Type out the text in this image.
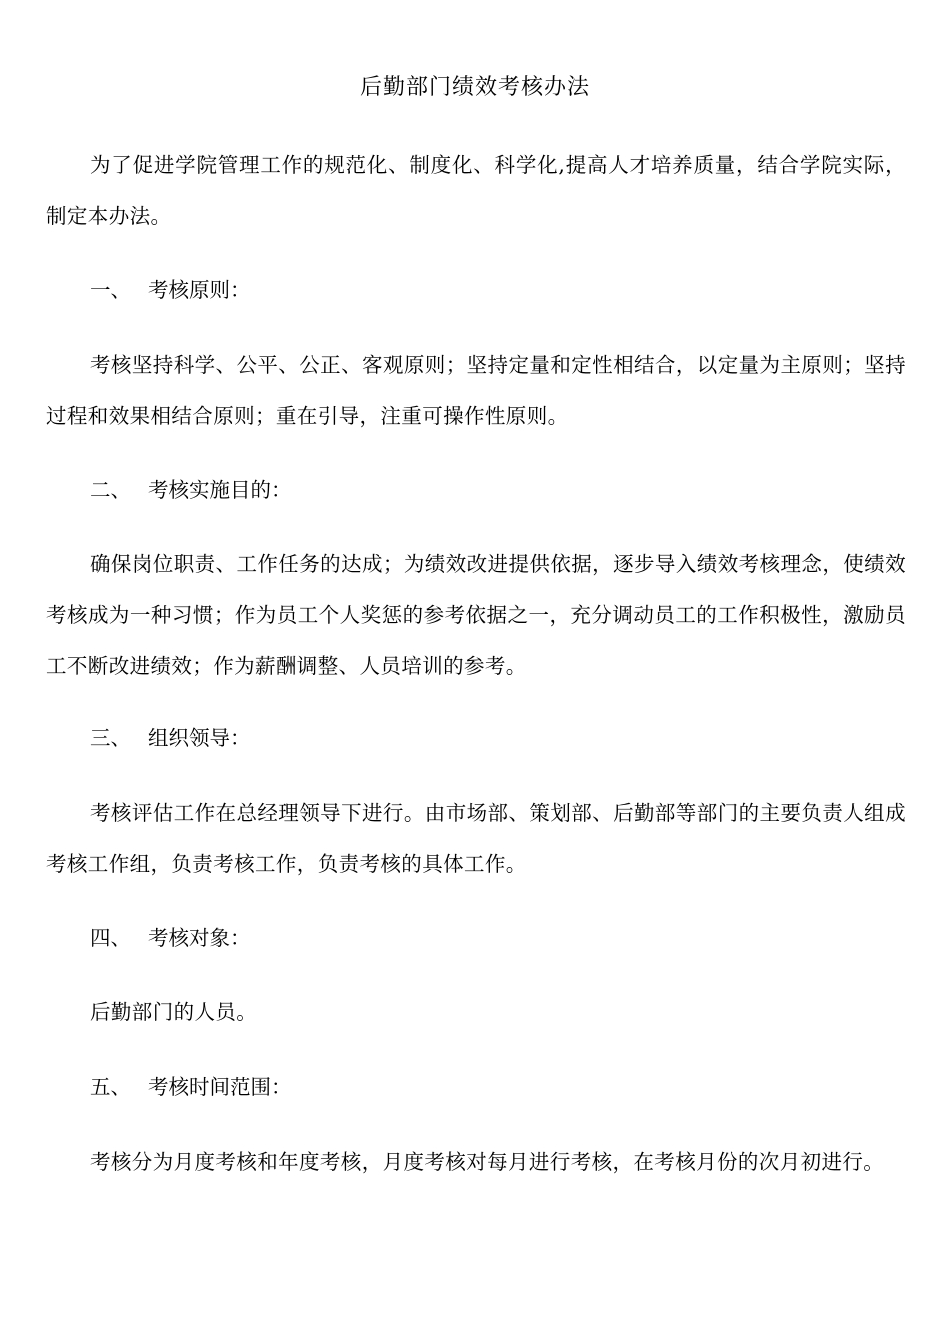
后勤部门绩效考核办法

为了促进学院管理工作的规范化、制度化、科学化,提高人才培养质量，结合学院实际，制定本办法。

一、 考核原则：

考核坚持科学、公平、公正、客观原则；坚持定量和定性相结合，以定量为主原则；坚持过程和效果相结合原则；重在引导，注重可操作性原则。

二、 考核实施目的：

确保岗位职责、工作任务的达成；为绩效改进提供依据，逐步导入绩效考核理念，使绩效考核成为一种习惯；作为员工个人奖惩的参考依据之一，充分调动员工的工作积极性，激励员工不断改进绩效；作为薪酬调整、人员培训的参考。

三、 组织领导：

考核评估工作在总经理领导下进行。由市场部、策划部、后勤部等部门的主要负责人组成考核工作组，负责考核工作，负责考核的具体工作。

四、 考核对象：

后勤部门的人员。

五、 考核时间范围：

考核分为月度考核和年度考核，月度考核对每月进行考核，在考核月份的次月初进行。
